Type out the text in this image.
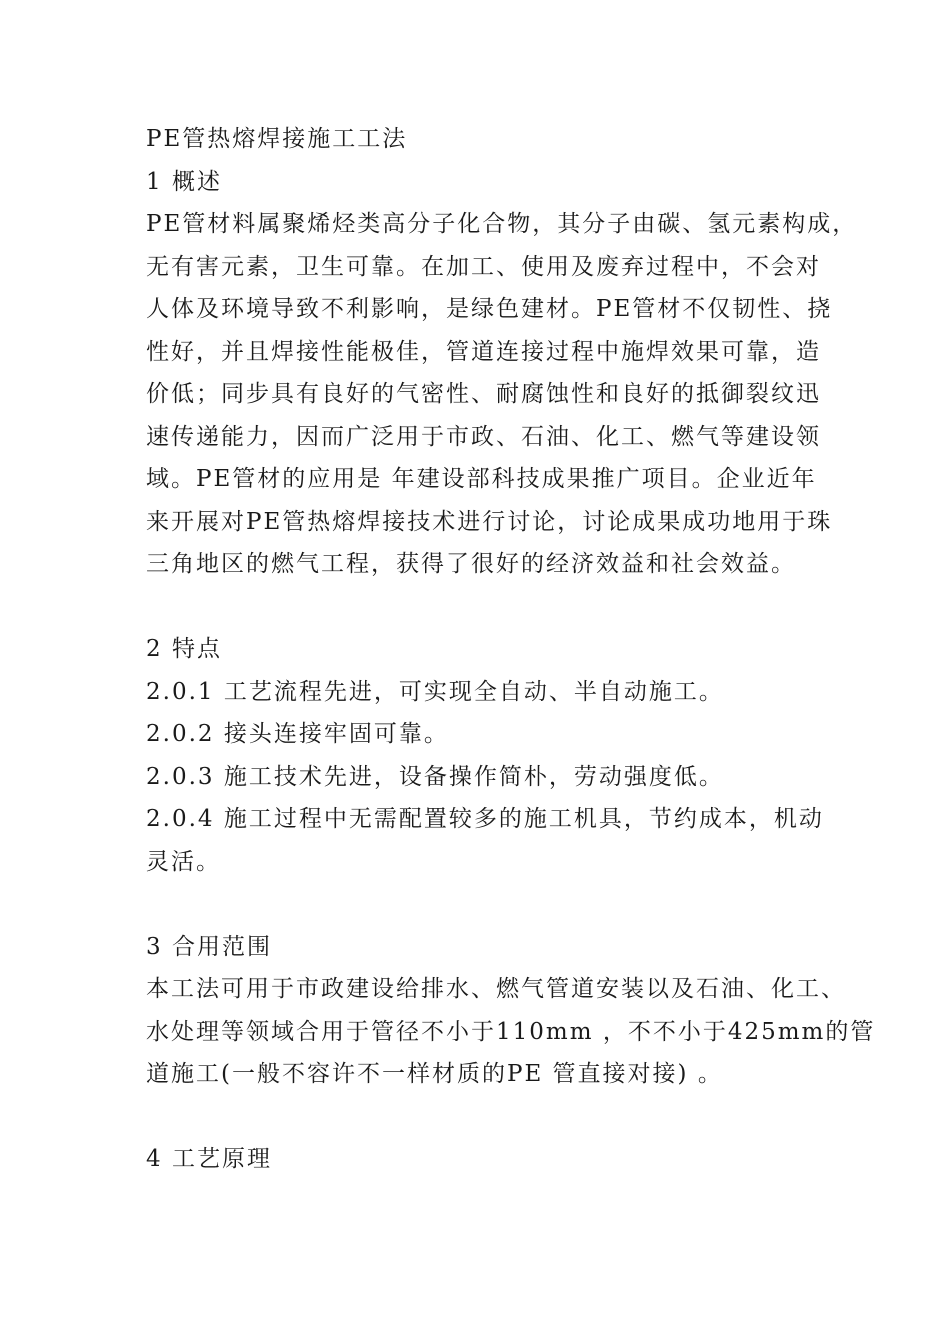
PE管热熔焊接施工工法
1 概述
PE管材料属聚烯烃类高分子化合物，其分子由碳、氢元素构成，
无有害元素，卫生可靠。在加工、使用及废弃过程中，不会对
人体及环境导致不利影响，是绿色建材。PE管材不仅韧性、挠
性好，并且焊接性能极佳，管道连接过程中施焊效果可靠，造
价低；同步具有良好的气密性、耐腐蚀性和良好的抵御裂纹迅
速传递能力，因而广泛用于市政、石油、化工、燃气等建设领
域。PE管材的应用是 年建设部科技成果推广项目。企业近年
来开展对PE管热熔焊接技术进行讨论，讨论成果成功地用于珠
三角地区的燃气工程，获得了很好的经济效益和社会效益。
2 特点
2.0.1 工艺流程先进，可实现全自动、半自动施工。
2.0.2 接头连接牢固可靠。
2.0.3 施工技术先进，设备操作简朴，劳动强度低。
2.0.4 施工过程中无需配置较多的施工机具，节约成本，机动
灵活。
3 合用范围
本工法可用于市政建设给排水、燃气管道安装以及石油、化工、
水处理等领域合用于管径不小于110mm ，不不小于425mm的管
道施工(一般不容许不一样材质的PE 管直接对接) 。
4 工艺原理
